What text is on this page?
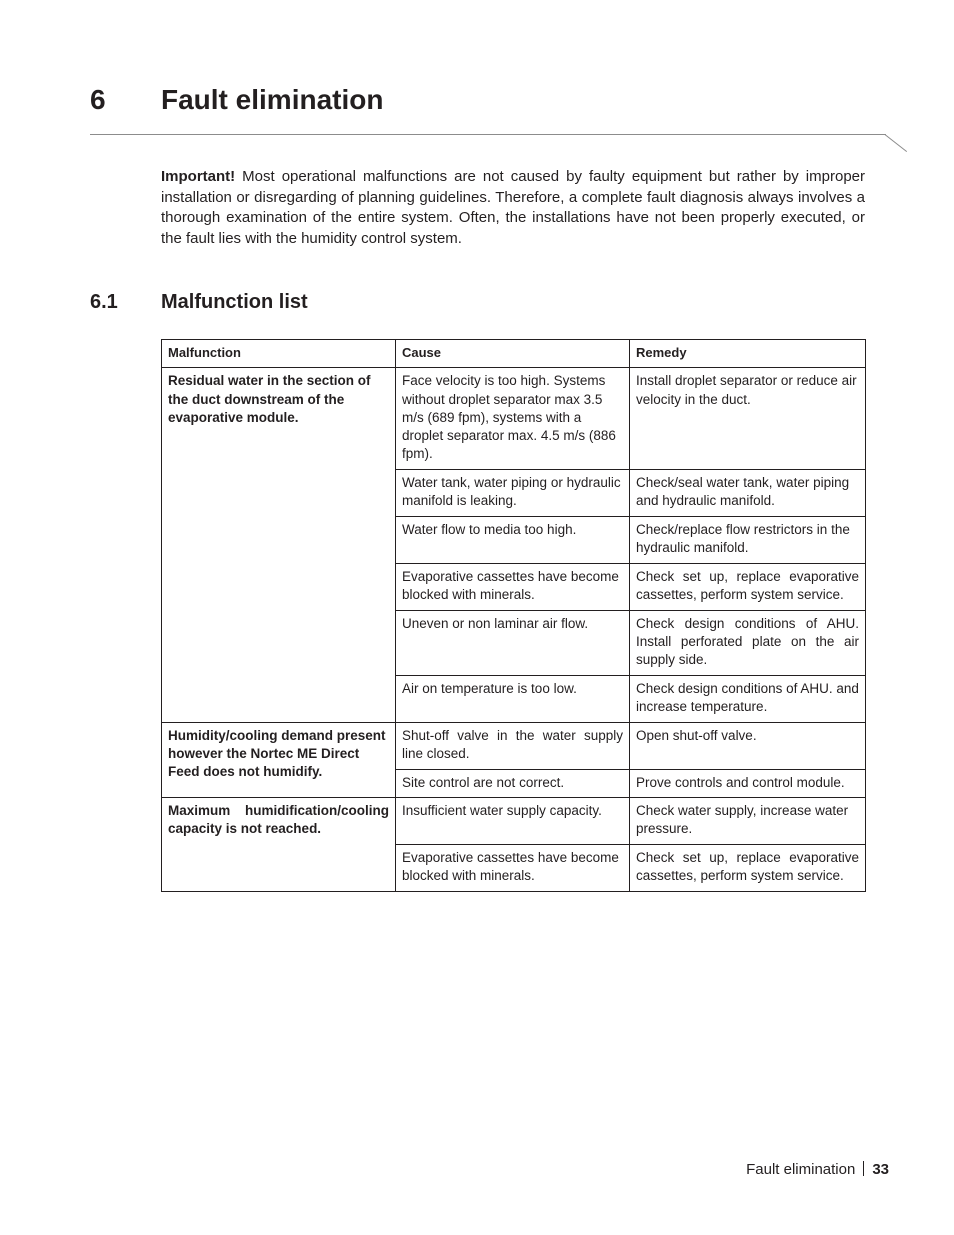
6 Fault elimination

Important! Most operational malfunctions are not caused by faulty equipment but rather by improper installation or disregarding of planning guidelines. Therefore, a complete fault diagnosis always involves a thorough examination of the entire system. Often, the installations have not been properly executed, or the fault lies with the humidity control system.

6.1 Malfunction list
Malfunction	Cause	Remedy
Residual water in the section of the duct downstream of the evaporative module.	Face velocity is too high. Systems without droplet separator max 3.5 m/s (689 fpm), systems with a droplet separator max. 4.5 m/s (886 fpm).	Install droplet separator or reduce air velocity in the duct.
	Water tank, water piping or hydraulic manifold is leaking.	Check/seal water tank, water piping and hydraulic manifold.
	Water flow to media too high.	Check/replace flow restrictors in the hydraulic manifold.
	Evaporative cassettes have become blocked with minerals.	Check set up, replace evaporative cassettes, perform system service.
	Uneven or non laminar air flow.	Check design conditions of AHU. Install perforated plate on the air supply side.
	Air on temperature is too low.	Check design conditions of AHU. and increase temperature.
Humidity/cooling demand present however the Nortec ME Direct Feed does not humidify.	Shut-off valve in the water supply line closed.	Open shut-off valve.
	Site control are not correct.	Prove controls and control module.
Maximum humidification/cooling capacity is not reached.	Insufficient water supply capacity.	Check water supply, increase water pressure.
	Evaporative cassettes have become blocked with minerals.	Check set up, replace evaporative cassettes, perform system service.
Fault elimination 33
